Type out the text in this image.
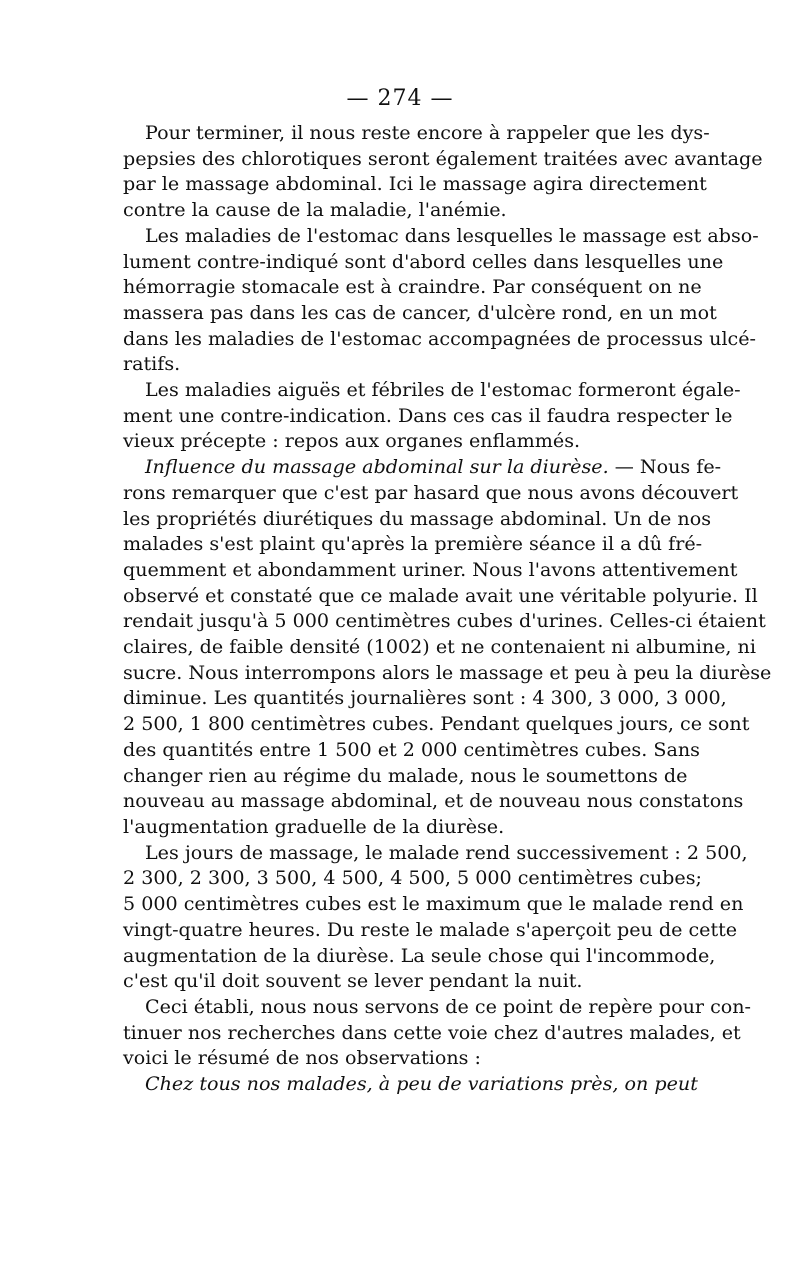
— 274 —
Pour terminer, il nous reste encore à rappeler que les dys-
pepsies des chlorotiques seront également traitées avec avantage
par le massage abdominal. Ici le massage agira directement
contre la cause de la maladie, l'anémie.
Les maladies de l'estomac dans lesquelles le massage est abso-
lument contre-indiqué sont d'abord celles dans lesquelles une
hémorragie stomacale est à craindre. Par conséquent on ne
massera pas dans les cas de cancer, d'ulcère rond, en un mot
dans les maladies de l'estomac accompagnées de processus ulcé-
ratifs.
Les maladies aiguës et fébriles de l'estomac formeront égale-
ment une contre-indication. Dans ces cas il faudra respecter le
vieux précepte : repos aux organes enflammés.
Influence du massage abdominal sur la diurèse. — Nous fe-
rons remarquer que c'est par hasard que nous avons découvert
les propriétés diurétiques du massage abdominal. Un de nos
malades s'est plaint qu'après la première séance il a dû fré-
quemment et abondamment uriner. Nous l'avons attentivement
observé et constaté que ce malade avait une véritable polyurie. Il
rendait jusqu'à 5 000 centimètres cubes d'urines. Celles-ci étaient
claires, de faible densité (1002) et ne contenaient ni albumine, ni
sucre. Nous interrompons alors le massage et peu à peu la diurèse
diminue. Les quantités journalières sont : 4 300, 3 000, 3 000,
2 500, 1 800 centimètres cubes. Pendant quelques jours, ce sont
des quantités entre 1 500 et 2 000 centimètres cubes. Sans
changer rien au régime du malade, nous le soumettons de
nouveau au massage abdominal, et de nouveau nous constatons
l'augmentation graduelle de la diurèse.
Les jours de massage, le malade rend successivement : 2 500,
2 300, 2 300, 3 500, 4 500, 4 500, 5 000 centimètres cubes;
5 000 centimètres cubes est le maximum que le malade rend en
vingt-quatre heures. Du reste le malade s'aperçoit peu de cette
augmentation de la diurèse. La seule chose qui l'incommode,
c'est qu'il doit souvent se lever pendant la nuit.
Ceci établi, nous nous servons de ce point de repère pour con-
tinuer nos recherches dans cette voie chez d'autres malades, et
voici le résumé de nos observations :
Chez tous nos malades, à peu de variations près, on peut
